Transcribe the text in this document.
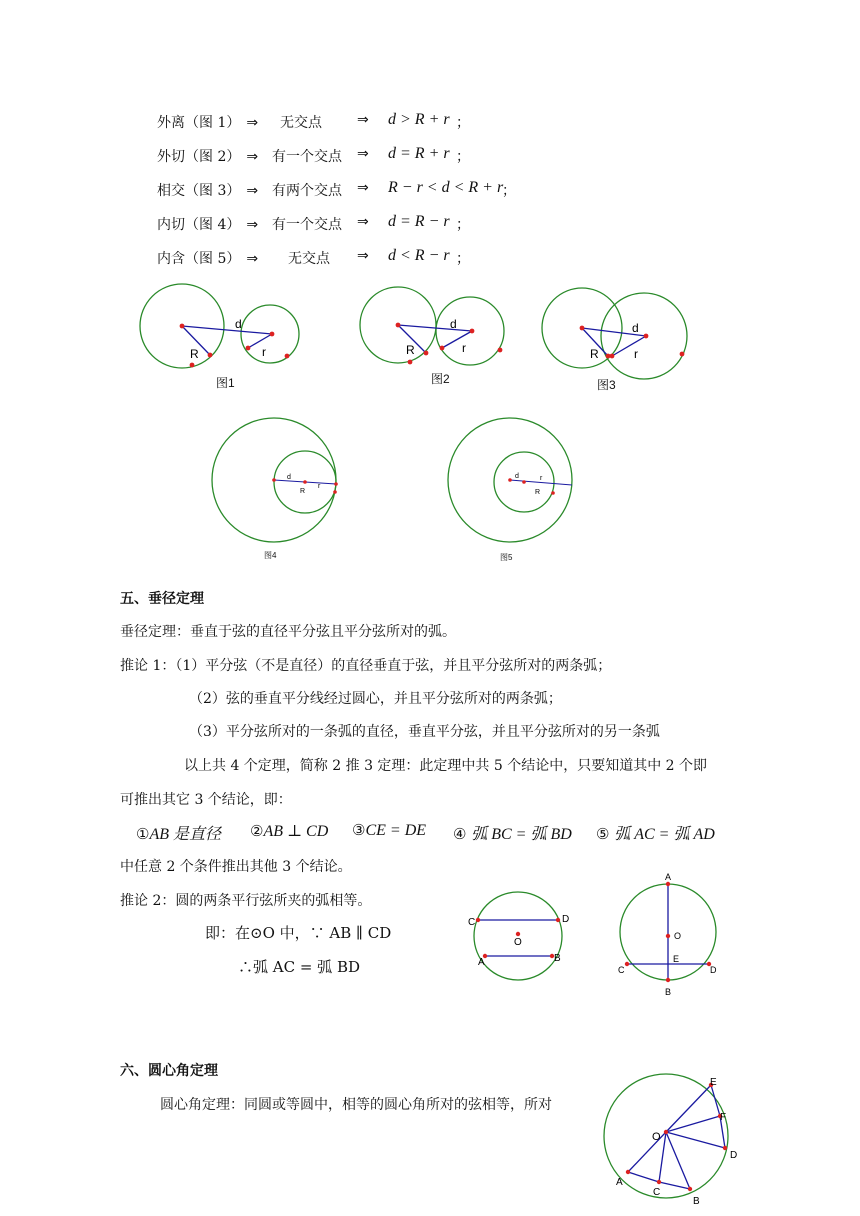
外离（图 1） ⇒ 无交点	⇒ d > R + r ；
外切（图 2） ⇒ 有一个交点 ⇒ d = R + r ；
相交（图 3） ⇒ 有两个交点 ⇒ R − r < d < R + r
；
内切（图 4） ⇒ 有一个交点 ⇒ d = R − r ；
内含（图 5） ⇒ 无交点 ⇒ d < R − r ；
d
R	r
d
R	r
d
R	r
d
R
r
d	r
R
图1	图2	图3
图4	图5
五、垂径定理
垂径定理：垂直于弦的直径平分弦且平分弦所对的弧。
推论 1：（1）平分弦（不是直径）的直径垂直于弦，并且平分弦所对的两条弧；
（2）弦的垂直平分线经过圆心，并且平分弦所对的两条弧；
（3）平分弦所对的一条弧的直径，垂直平分弦，并且平分弦所对的另一条弧
以上共 4 个定理，简称 2 推 3 定理：此定理中共 5 个结论中，只要知道其中 2 个即
可推出其它 3 个结论，即：
①AB 是直径 ②AB ⊥ CD ③CE = DE ④ 弧 BC = 弧 BD ⑤ 弧 AC = 弧 AD
中任意 2 个条件推出其他 3 个结论。
推论 2：圆的两条平行弦所夹的弧相等。
即：在⊙O 中，∵ AB ∥ CD
∴弧 AC = 弧 BD
C	D
A	B
O
A
B
C	D
E
O
六、圆心角定理
圆心角定理：同圆或等圆中，相等的圆心角所对的弦相等，所对
O
E
F
D
B
C
A
